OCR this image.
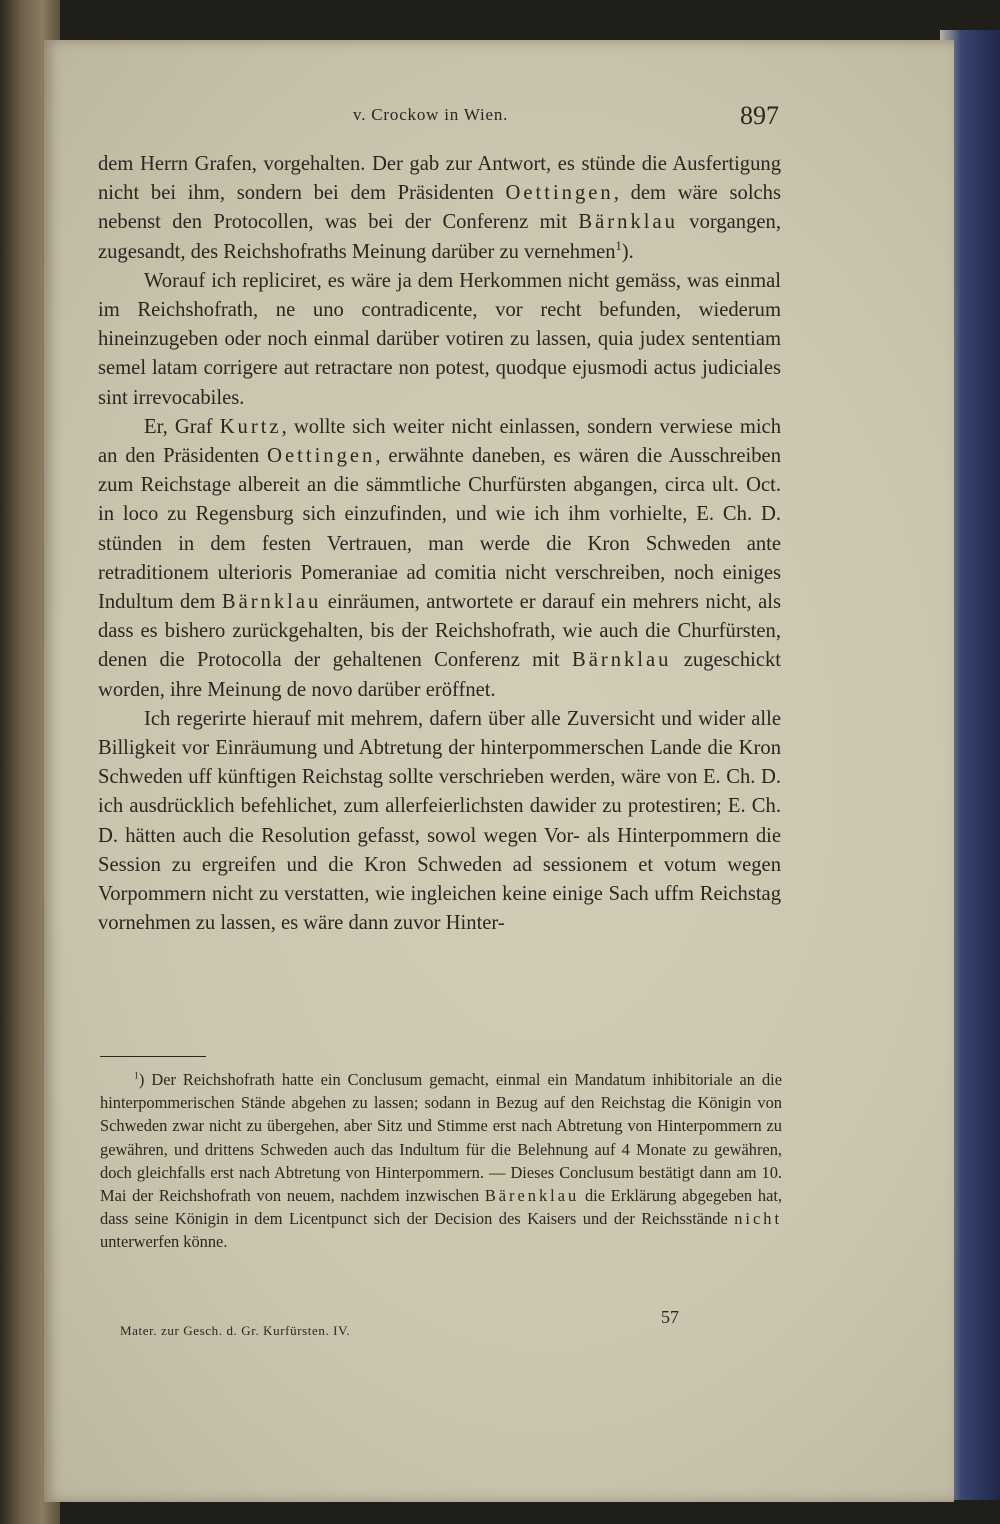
v. Crockow in Wien.	897

dem Herrn Grafen, vorgehalten. Der gab zur Antwort, es stünde die Ausfertigung nicht bei ihm, sondern bei dem Präsidenten Oettingen, dem wäre solchs nebenst den Protocollen, was bei der Conferenz mit Bärnklau vorgangen, zugesandt, des Reichshofraths Meinung darüber zu vernehmen$^1$).

Worauf ich repliciret, es wäre ja dem Herkommen nicht gemäss, was einmal im Reichshofrath, ne uno contradicente, vor recht befunden, wiederum hineinzugeben oder noch einmal darüber votiren zu lassen, quia judex sententiam semel latam corrigere aut retractare non potest, quodque ejusmodi actus judiciales sint irrevocabiles.

Er, Graf Kurtz, wollte sich weiter nicht einlassen, sondern verwiese mich an den Präsidenten Oettingen, erwähnte daneben, es wären die Ausschreiben zum Reichstage albereit an die sämmtliche Churfürsten abgangen, circa ult. Oct. in loco zu Regensburg sich einzufinden, und wie ich ihm vorhielte, E. Ch. D. stünden in dem festen Vertrauen, man werde die Kron Schweden ante retraditionem ulterioris Pomeraniae ad comitia nicht verschreiben, noch einiges Indultum dem Bärnklau einräumen, antwortete er darauf ein mehrers nicht, als dass es bishero zurückgehalten, bis der Reichshofrath, wie auch die Churfürsten, denen die Protocolla der gehaltenen Conferenz mit Bärnklau zugeschickt worden, ihre Meinung de novo darüber eröffnet.

Ich regerirte hierauf mit mehrem, dafern über alle Zuversicht und wider alle Billigkeit vor Einräumung und Abtretung der hinterpommerschen Lande die Kron Schweden uff künftigen Reichstag sollte verschrieben werden, wäre von E. Ch. D. ich ausdrücklich befehlichet, zum allerfeierlichsten dawider zu protestiren; E. Ch. D. hätten auch die Resolution gefasst, sowol wegen Vor- als Hinterpommern die Session zu ergreifen und die Kron Schweden ad sessionem et votum wegen Vorpommern nicht zu verstatten, wie ingleichen keine einige Sach uffm Reichstag vornehmen zu lassen, es wäre dann zuvor Hinter-

$^1$) Der Reichshofrath hatte ein Conclusum gemacht, einmal ein Mandatum inhibitoriale an die hinterpommerischen Stände abgehen zu lassen; sodann in Bezug auf den Reichstag die Königin von Schweden zwar nicht zu übergehen, aber Sitz und Stimme erst nach Abtretung von Hinterpommern zu gewähren, und drittens Schweden auch das Indultum für die Belehnung auf 4 Monate zu gewähren, doch gleichfalls erst nach Abtretung von Hinterpommern. — Dieses Conclusum bestätigt dann am 10. Mai der Reichshofrath von neuem, nachdem inzwischen Bärenklau die Erklärung abgegeben hat, dass seine Königin in dem Licentpunct sich der Decision des Kaisers und der Reichsstände nicht unterwerfen könne.
Mater. zur Gesch. d. Gr. Kurfürsten. IV.
57
